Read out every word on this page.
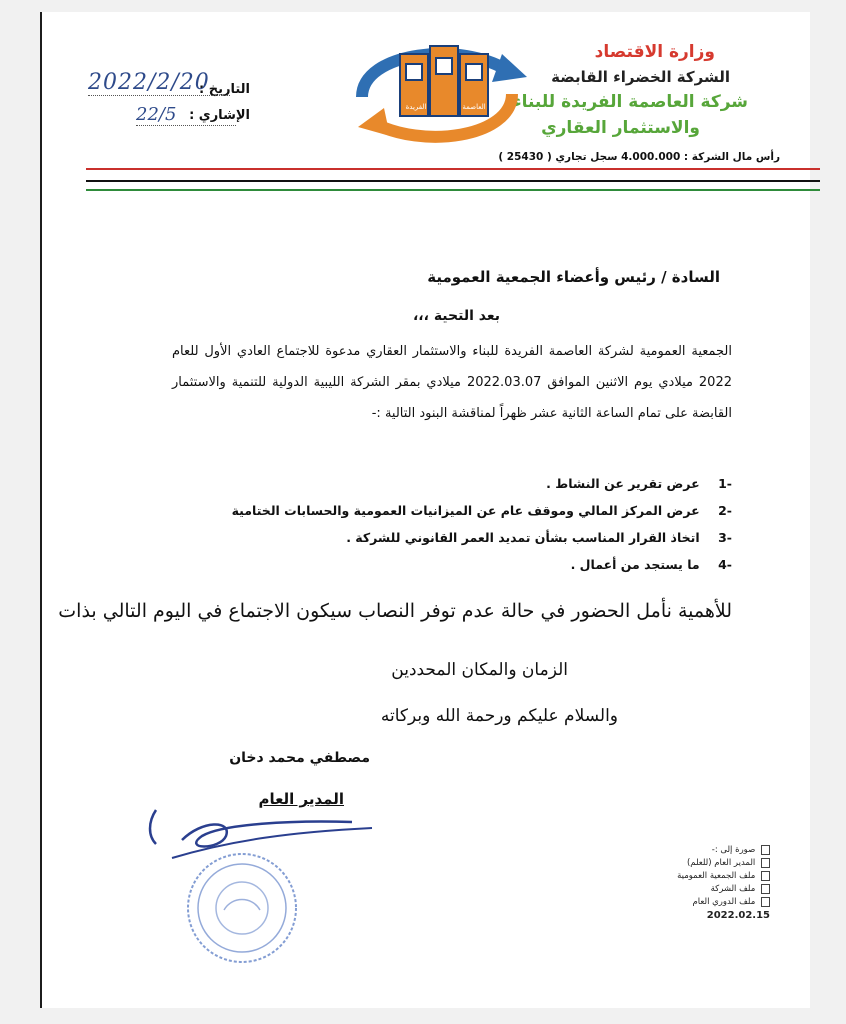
وزارة الاقتصاد
الشركة الخضراء القابضة
شركة العاصمة الفريدة للبناء
والاستثمار العقاري
رأس مال الشركة : 4.000.000 سجل تجاري ( 25430 )
الفريدة	العاصمة
التاريخ :
الإشاري :
2022/2/20
22/5
السادة / رئيس وأعضاء الجمعية العمومية
بعد التحية ،،،
الجمعية العمومية لشركة العاصمة الفريدة للبناء والاستثمار العقاري مدعوة للاجتماع العادي الأول للعام 2022 ميلادي يوم الاثنين الموافق 2022.03.07 ميلادي بمقر الشركة الليبية الدولية للتنمية والاستثمار القابضة على تمام الساعة الثانية عشر ظهراً لمناقشة البنود التالية :-
-1 عرض تقرير عن النشاط .
-2 عرض المركز المالي وموقف عام عن الميزانيات العمومية والحسابات الختامية
-3 اتخاذ القرار المناسب بشأن تمديد العمر القانوني للشركة .
-4 ما يستجد من أعمال .
للأهمية نأمل الحضور في حالة عدم توفر النصاب سيكون الاجتماع في اليوم التالي بذات
الزمان والمكان المحددين
والسلام عليكم ورحمة الله وبركاته
مصطفي محمد دخان
المدير العام
صورة إلى :-
المدير العام (للعلم)
ملف الجمعية العمومية
ملف الشركة
ملف الدوري العام
2022.02.15
